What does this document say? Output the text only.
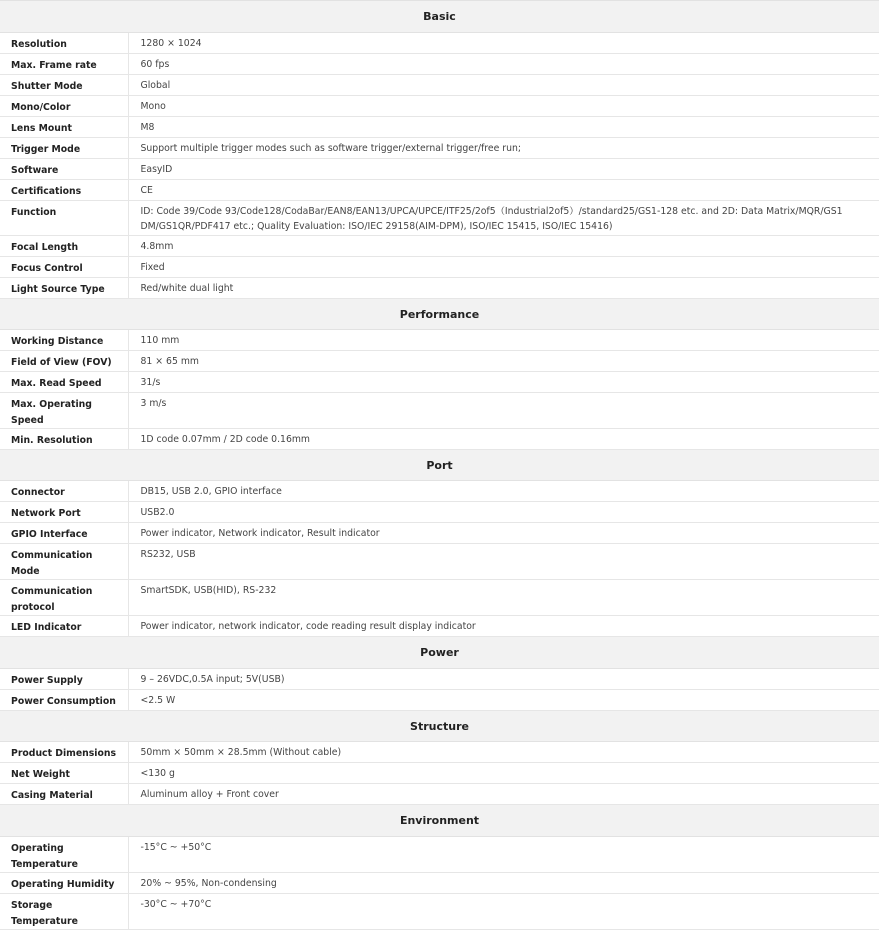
Basic	
Resolution	1280 × 1024
Max. Frame rate	60 fps
Shutter Mode	Global
Mono/Color	Mono
Lens Mount	M8
Trigger Mode	Support multiple trigger modes such as software trigger/external trigger/free run;
Software	EasyID
Certifications	CE
Function	ID: Code 39/Code 93/Code128/CodaBar/EAN8/EAN13/UPCA/UPCE/ITF25/2of5（Industrial2of5）/standard25/GS1-128 etc. and 2D: Data Matrix/MQR/GS1 DM/GS1QR/PDF417 etc.; Quality Evaluation: ISO/IEC 29158(AIM-DPM), ISO/IEC 15415, ISO/IEC 15416)
Focal Length	4.8mm
Focus Control	Fixed
Light Source Type	Red/white dual light
Performance	
Working Distance	110 mm
Field of View (FOV)	81 × 65 mm
Max. Read Speed	31/s
Max. Operating Speed	3 m/s
Min. Resolution	1D code 0.07mm / 2D code 0.16mm
Port	
Connector	DB15, USB 2.0, GPIO interface
Network Port	USB2.0
GPIO Interface	Power indicator, Network indicator, Result indicator
Communication Mode	RS232, USB
Communication protocol	SmartSDK, USB(HID), RS-232
LED Indicator	Power indicator, network indicator, code reading result display indicator
Power	
Power Supply	9 – 26VDC,0.5A input; 5V(USB)
Power Consumption	<2.5 W
Structure	
Product Dimensions	50mm × 50mm × 28.5mm (Without cable)
Net Weight	<130 g
Casing Material	Aluminum alloy + Front cover
Environment	
Operating Temperature	-15°C ~ +50°C
Operating Humidity	20% ~ 95%, Non-condensing
Storage Temperature	-30°C ~ +70°C
